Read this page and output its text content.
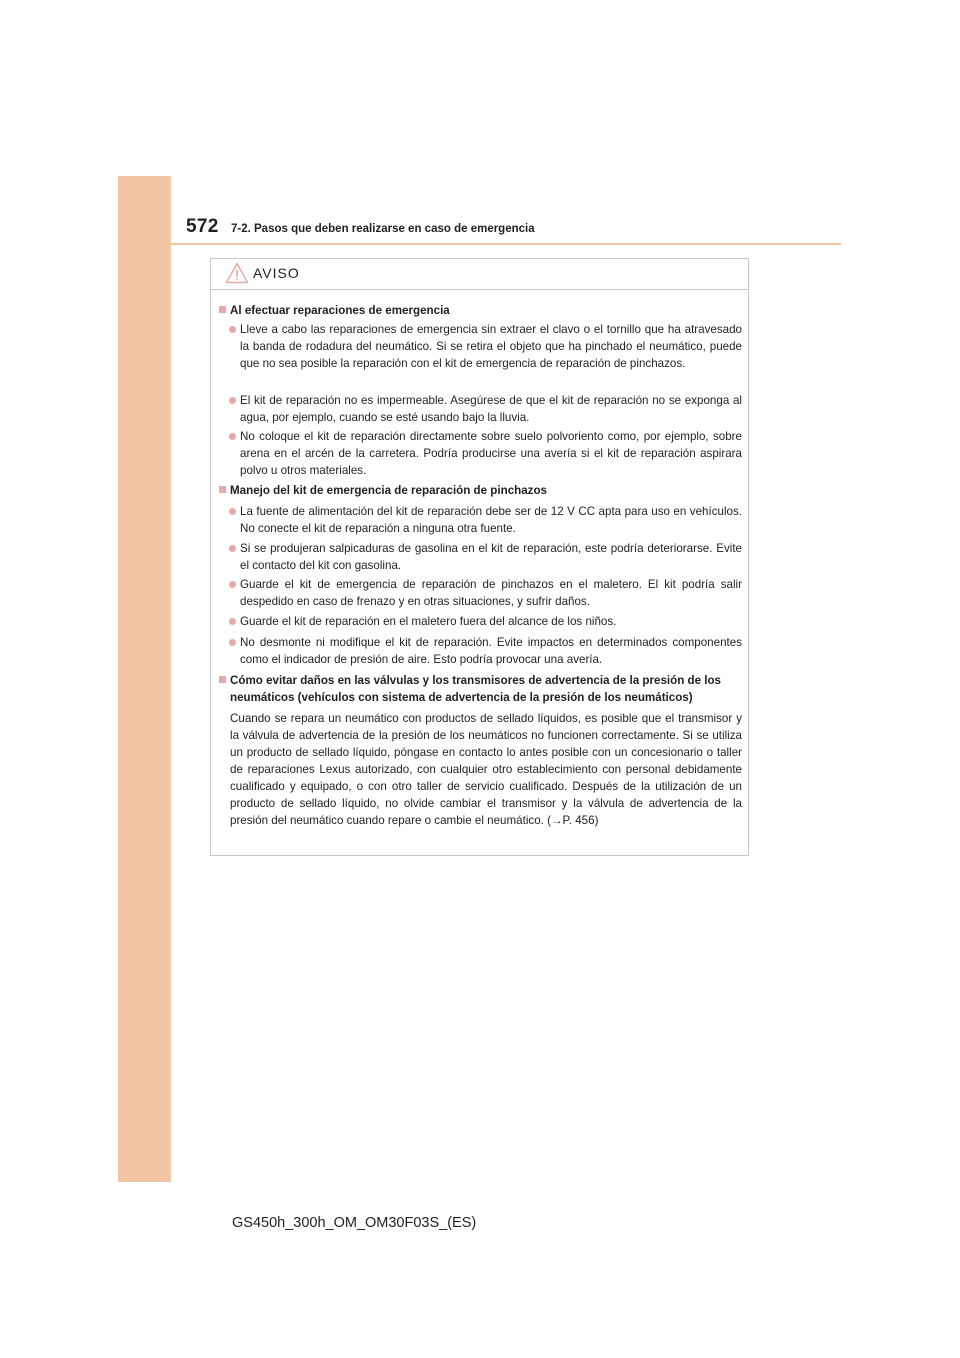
572 7-2. Pasos que deben realizarse en caso de emergencia
AVISO
Al efectuar reparaciones de emergencia
Lleve a cabo las reparaciones de emergencia sin extraer el clavo o el tornillo que ha atravesado la banda de rodadura del neumático. Si se retira el objeto que ha pinchado el neumático, puede que no sea posible la reparación con el kit de emergencia de reparación de pinchazos.
El kit de reparación no es impermeable. Asegúrese de que el kit de reparación no se exponga al agua, por ejemplo, cuando se esté usando bajo la lluvia.
No coloque el kit de reparación directamente sobre suelo polvoriento como, por ejemplo, sobre arena en el arcén de la carretera. Podría producirse una avería si el kit de reparación aspirara polvo u otros materiales.
Manejo del kit de emergencia de reparación de pinchazos
La fuente de alimentación del kit de reparación debe ser de 12 V CC apta para uso en vehículos. No conecte el kit de reparación a ninguna otra fuente.
Si se produjeran salpicaduras de gasolina en el kit de reparación, este podría deteriorarse. Evite el contacto del kit con gasolina.
Guarde el kit de emergencia de reparación de pinchazos en el maletero. El kit podría salir despedido en caso de frenazo y en otras situaciones, y sufrir daños.
Guarde el kit de reparación en el maletero fuera del alcance de los niños.
No desmonte ni modifique el kit de reparación. Evite impactos en determinados componentes como el indicador de presión de aire. Esto podría provocar una avería.
Cómo evitar daños en las válvulas y los transmisores de advertencia de la presión de los neumáticos (vehículos con sistema de advertencia de la presión de los neumáticos)
Cuando se repara un neumático con productos de sellado líquidos, es posible que el transmisor y la válvula de advertencia de la presión de los neumáticos no funcionen correctamente. Si se utiliza un producto de sellado líquido, póngase en contacto lo antes posible con un concesionario o taller de reparaciones Lexus autorizado, con cualquier otro establecimiento con personal debidamente cualificado y equipado, o con otro taller de servicio cualificado. Después de la utilización de un producto de sellado líquido, no olvide cambiar el transmisor y la válvula de advertencia de la presión del neumático cuando repare o cambie el neumático. (→P. 456)
GS450h_300h_OM_OM30F03S_(ES)
